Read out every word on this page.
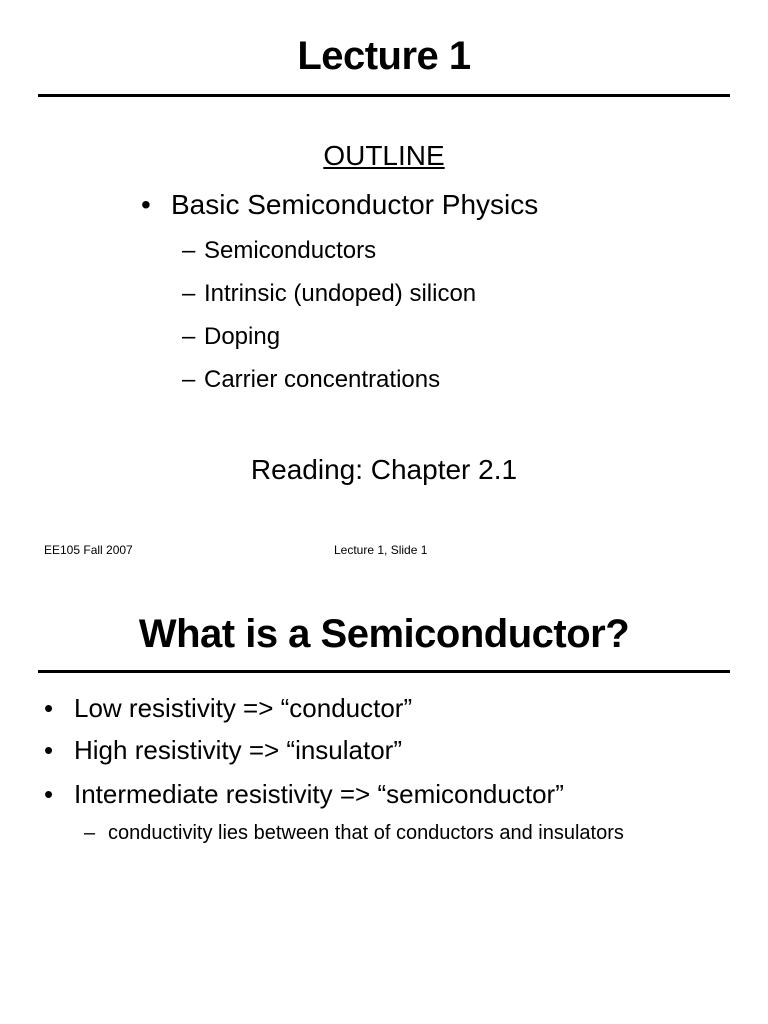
Lecture 1
OUTLINE
• Basic Semiconductor Physics
– Semiconductors
– Intrinsic (undoped) silicon
– Doping
– Carrier concentrations
Reading: Chapter 2.1
EE105 Fall 2007	Lecture 1, Slide 1
What is a Semiconductor?
• Low resistivity => “conductor”
• High resistivity => “insulator”
• Intermediate resistivity => “semiconductor”
– conductivity lies between that of conductors and insulators
